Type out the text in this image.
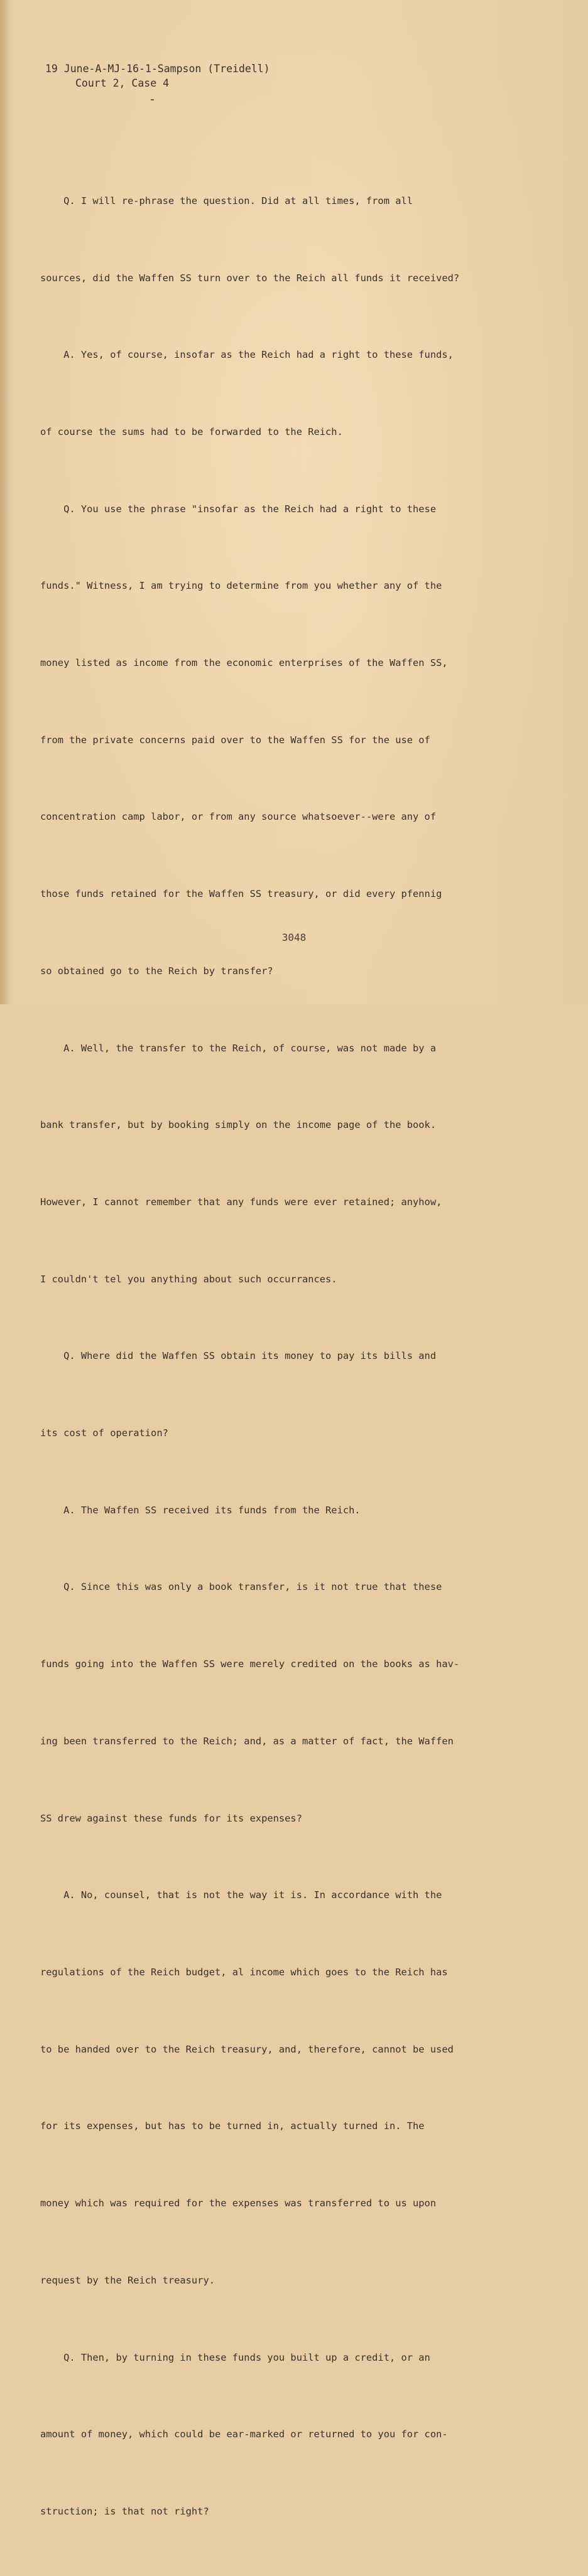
19 June-A-MJ-16-1-Sampson (Treidell)
Court 2, Case 4

Q. I will re-phrase the question. Did at all times, from all

sources, did the Waffen SS turn over to the Reich all funds it received?

A. Yes, of course, insofar as the Reich had a right to these funds,

of course the sums had to be forwarded to the Reich.

Q. You use the phrase "insofar as the Reich had a right to these

funds." Witness, I am trying to determine from you whether any of the

money listed as income from the economic enterprises of the Waffen SS,

from the private concerns paid over to the Waffen SS for the use of

concentration camp labor, or from any source whatsoever--were any of

those funds retained for the Waffen SS treasury, or did every pfennig

so obtained go to the Reich by transfer?

A. Well, the transfer to the Reich, of course, was not made by a

bank transfer, but by booking simply on the income page of the book.

However, I cannot remember that any funds were ever retained; anyhow,

I couldn't tel you anything about such occurrances.

Q. Where did the Waffen SS obtain its money to pay its bills and

its cost of operation?

A. The Waffen SS received its funds from the Reich.

Q. Since this was only a book transfer, is it not true that these

funds going into the Waffen SS were merely credited on the books as hav-

ing been transferred to the Reich; and, as a matter of fact, the Waffen

SS drew against these funds for its expenses?

A. No, counsel, that is not the way it is. In accordance with the

regulations of the Reich budget, al income which goes to the Reich has

to be handed over to the Reich treasury, and, therefore, cannot be used

for its expenses, but has to be turned in, actually turned in. The

money which was required for the expenses was transferred to us upon

request by the Reich treasury.

Q. Then, by turning in these funds you built up a credit, or an

amount of money, which could be ear-marked or returned to you for con-

struction; is that not right?

3048
